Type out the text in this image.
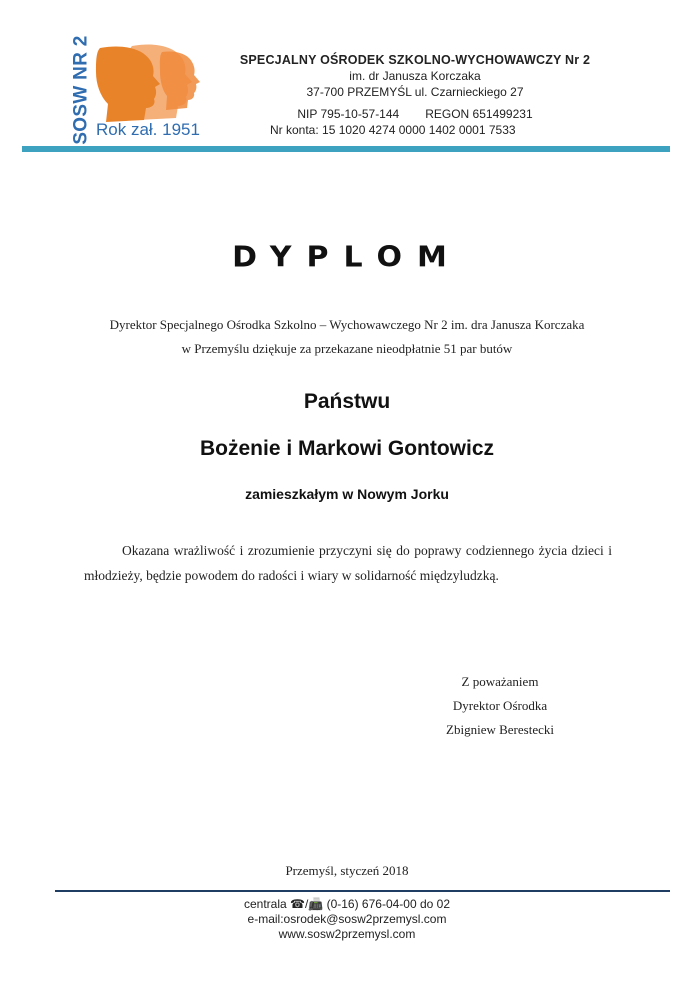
SOSW NR 2 Rok zał. 1951
SPECJALNY OŚRODEK SZKOLNO-WYCHOWAWCZY Nr 2
im. dr Janusza Korczaka
37-700 PRZEMYŚL ul. Czarnieckiego 27
NIP 795-10-57-144 REGON 651499231
Nr konta: 15 1020 4274 0000 1402 0001 7533
DYPLOM
Dyrektor Specjalnego Ośrodka Szkolno – Wychowawczego Nr 2 im. dra Janusza Korczaka
w Przemyślu dziękuje za przekazane nieodpłatnie 51 par butów
Państwu
Bożenie i Markowi Gontowicz
zamieszkałym w Nowym Jorku
Okazana wrażliwość i zrozumienie przyczyni się do poprawy codziennego życia dzieci i młodzieży, będzie powodem do radości i wiary w solidarność międzyludzką.
Z poważaniem
Dyrektor Ośrodka
Zbigniew Berestecki
Przemyśl, styczeń 2018
centrala ☎/📠 (0-16) 676-04-00 do 02
e-mail:osrodek@sosw2przemysl.com
www.sosw2przemysl.com
